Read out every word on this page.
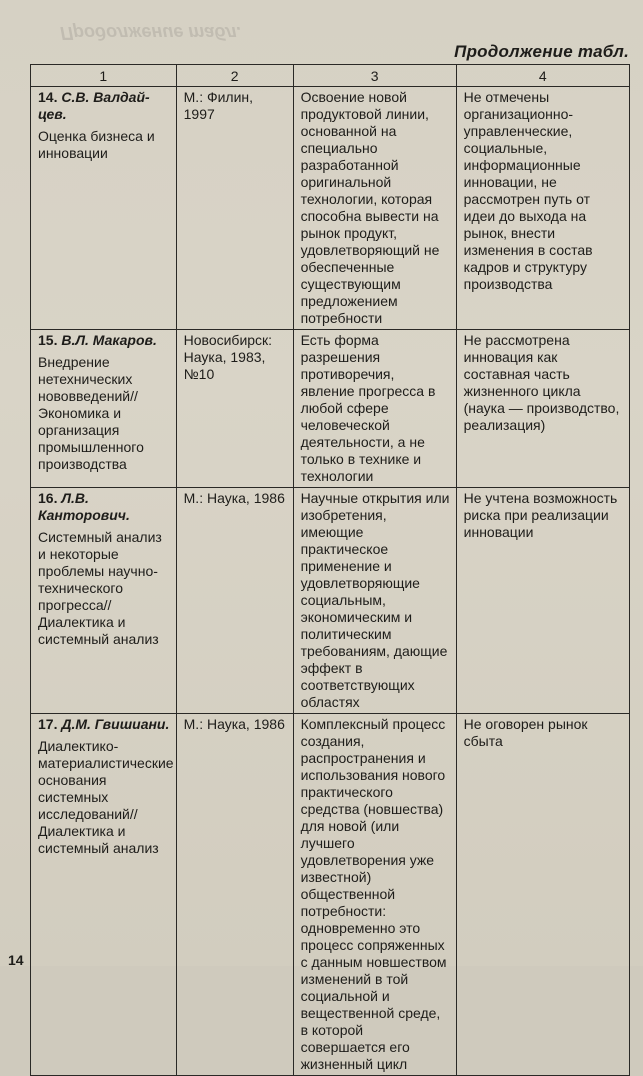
Продолжение табл.
Продолжение табл.
1	2	3	4

14. С.В. Валдай-цев.
Оценка бизнеса и инновации	М.: Филин, 1997	Освоение новой продуктовой линии, основанной на специально разработанной оригинальной технологии, которая способна вывести на рынок продукт, удовлетворяющий не обеспеченные существующим предложением потребности	Не отмечены организационно-управленческие, социальные, информационные инновации, не рассмотрен путь от идеи до выхода на рынок, внести изменения в состав кадров и структуру производства

15. В.Л. Макаров.
Внедрение нетехнических нововведений// Экономика и организация промышленного производства	Новосибирск: Наука, 1983, №10	Есть форма разрешения противоречия, явление прогресса в любой сфере человеческой деятельности, а не только в технике и технологии	Не рассмотрена инновация как составная часть жизненного цикла (наука — производство, реализация)

16. Л.В. Канторович.
Системный анализ и некоторые проблемы научно-технического прогресса// Диалектика и системный анализ	М.: Наука, 1986	Научные открытия или изобретения, имеющие практическое применение и удовлетворяющие социальным, экономическим и политическим требованиям, дающие эффект в соответствующих областях	Не учтена возможность риска при реализации инновации

17. Д.М. Гвишиани.
Диалектико-материалистические основания системных исследований// Диалектика и системный анализ	М.: Наука, 1986	Комплексный процесс создания, распространения и использования нового практического средства (новшества) для новой (или лучшего удовлетворения уже известной) общественной потребности: одновременно это процесс сопряженных с данным новшеством изменений в той социальной и вещественной среде, в которой совершается его жизненный цикл	Не оговорен рынок сбыта
14
